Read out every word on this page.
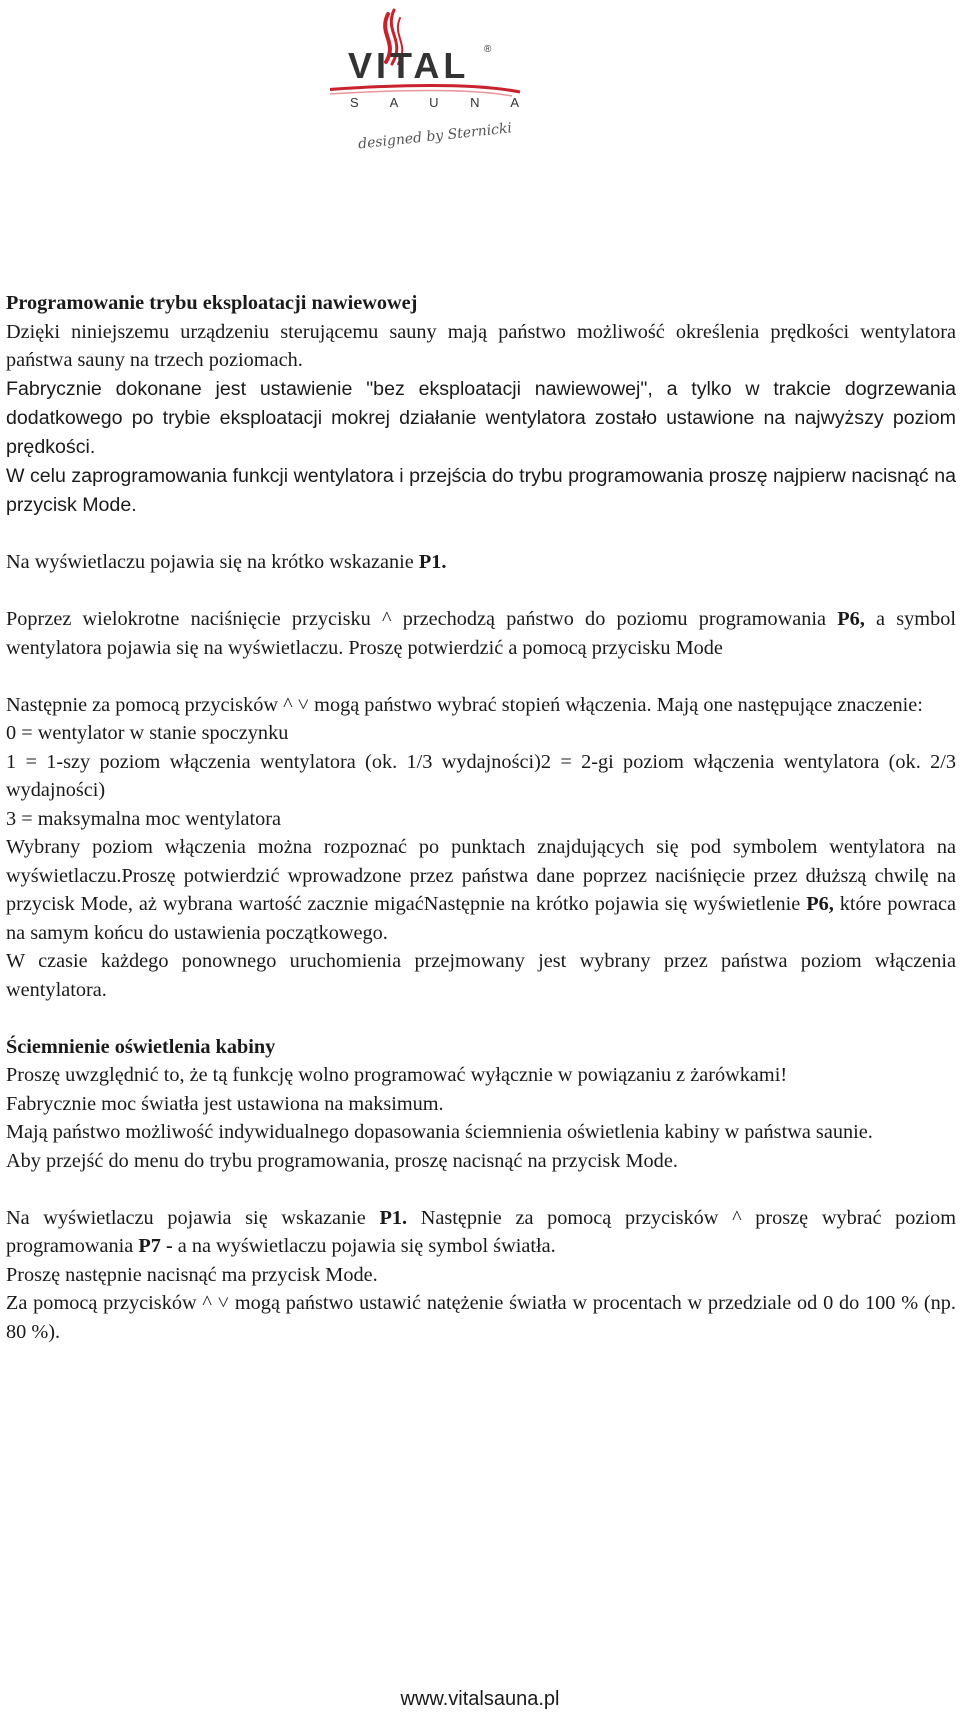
VITAL ®
S A U N A
designed by Sternicki

Programowanie trybu eksploatacji nawiewowej

Dzięki niniejszemu urządzeniu sterującemu sauny mają państwo możliwość określenia prędkości wentylatora państwa sauny na trzech poziomach.

Fabrycznie dokonane jest ustawienie "bez eksploatacji nawiewowej", a tylko w trakcie dogrzewania dodatkowego po trybie eksploatacji mokrej działanie wentylatora zostało ustawione na najwyższy poziom prędkości.

W celu zaprogramowania funkcji wentylatora i przejścia do trybu programowania proszę najpierw nacisnąć na przycisk Mode.

Na wyświetlaczu pojawia się na krótko wskazanie P1.

Poprzez wielokrotne naciśnięcie przycisku ^ przechodzą państwo do poziomu programowania P6, a symbol wentylatora pojawia się na wyświetlaczu. Proszę potwierdzić a pomocą przycisku Mode

Następnie za pomocą przycisków ^ ˅ mogą państwo wybrać stopień włączenia. Mają one następujące znaczenie:

0 = wentylator w stanie spoczynku

1 = 1-szy poziom włączenia wentylatora (ok. 1/3 wydajności)2 = 2-gi poziom włączenia wentylatora (ok. 2/3 wydajności)

3 = maksymalna moc wentylatora

Wybrany poziom włączenia można rozpoznać po punktach znajdujących się pod symbolem wentylatora na wyświetlaczu.Proszę potwierdzić wprowadzone przez państwa dane poprzez naciśnięcie przez dłuższą chwilę na przycisk Mode, aż wybrana wartość zacznie migaćNastępnie na krótko pojawia się wyświetlenie P6, które powraca na samym końcu do ustawienia początkowego.

W czasie każdego ponownego uruchomienia przejmowany jest wybrany przez państwa poziom włączenia wentylatora.

Ściemnienie oświetlenia kabiny

Proszę uwzględnić to, że tą funkcję wolno programować wyłącznie w powiązaniu z żarówkami!

Fabrycznie moc światła jest ustawiona na maksimum.

Mają państwo możliwość indywidualnego dopasowania ściemnienia oświetlenia kabiny w państwa saunie.

Aby przejść do menu do trybu programowania, proszę nacisnąć na przycisk Mode.

Na wyświetlaczu pojawia się wskazanie P1. Następnie za pomocą przycisków ^ proszę wybrać poziom programowania P7 - a na wyświetlaczu pojawia się symbol światła.

Proszę następnie nacisnąć ma przycisk Mode.

Za pomocą przycisków ^ ˅ mogą państwo ustawić natężenie światła w procentach w przedziale od 0 do 100 % (np. 80 %).

www.vitalsauna.pl
